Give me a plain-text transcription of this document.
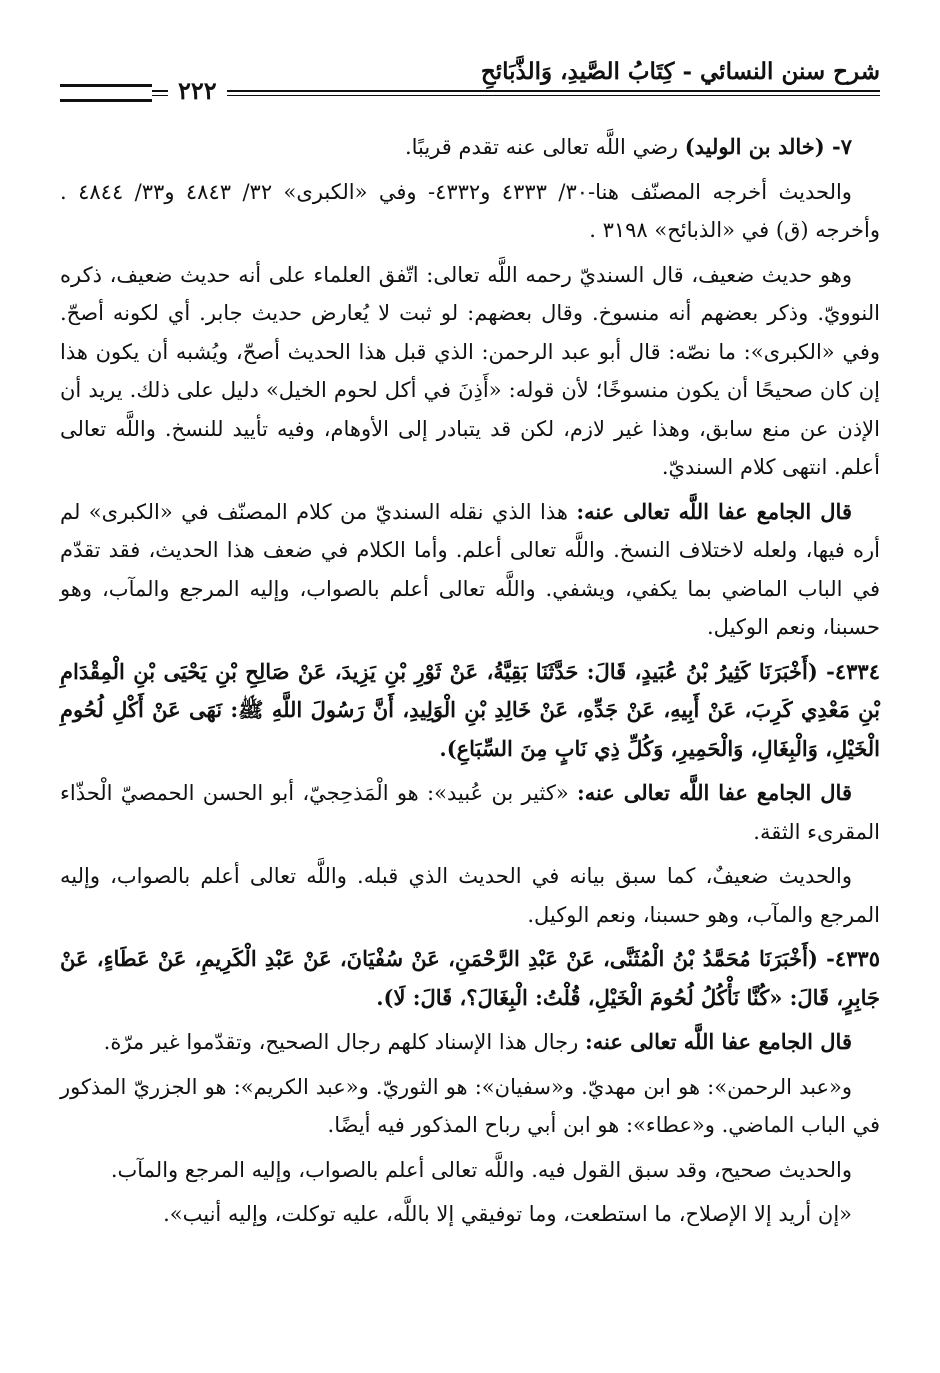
شرح سنن النسائي - كِتَابُ الصَّيدِ، وَالذَّبَائحِ
٢٢٢

٧- (خالد بن الوليد) رضي اللَّه تعالى عنه تقدم قريبًا.

والحديث أخرجه المصنّف هنا-٣٠/ ٤٣٣٣ و٤٣٣٢- وفي «الكبرى» ٣٢/ ٤٨٤٣ و٣٣/ ٤٨٤٤ . وأخرجه (ق) في «الذبائح» ٣١٩٨ .

وهو حديث ضعيف، قال السنديّ رحمه اللَّه تعالى: اتّفق العلماء على أنه حديث ضعيف، ذكره النوويّ. وذكر بعضهم أنه منسوخ. وقال بعضهم: لو ثبت لا يُعارض حديث جابر. أي لكونه أصحّ. وفي «الكبرى»: ما نصّه: قال أبو عبد الرحمن: الذي قبل هذا الحديث أصحّ، ويُشبه أن يكون هذا إن كان صحيحًا أن يكون منسوخًا؛ لأن قوله: «أَذِنَ في أكل لحوم الخيل» دليل على ذلك. يريد أن الإذن عن منع سابق، وهذا غير لازم، لكن قد يتبادر إلى الأوهام، وفيه تأييد للنسخ. واللَّه تعالى أعلم. انتهى كلام السنديّ.

قال الجامع عفا اللَّه تعالى عنه: هذا الذي نقله السنديّ من كلام المصنّف في «الكبرى» لم أره فيها، ولعله لاختلاف النسخ. واللَّه تعالى أعلم. وأما الكلام في ضعف هذا الحديث، فقد تقدّم في الباب الماضي بما يكفي، ويشفي. واللَّه تعالى أعلم بالصواب، وإليه المرجع والمآب، وهو حسبنا، ونعم الوكيل.

٤٣٣٤- (أَخْبَرَنَا كَثِيرُ بْنُ عُبَيدٍ، قَالَ: حَدَّثَنَا بَقِيَّةُ، عَنْ ثَوْرِ بْنِ يَزِيدَ، عَنْ صَالِحِ بْنِ يَحْيَى بْنِ الْمِقْدَامِ بْنِ مَعْدِي كَرِبَ، عَنْ أَبِيهِ، عَنْ جَدِّهِ، عَنْ خَالِدِ بْنِ الْوَلِيدِ، أَنَّ رَسُولَ اللَّهِ ﷺ: نَهَى عَنْ أَكْلِ لُحُومِ الْخَيْلِ، وَالْبِغَالِ، وَالْحَمِيرِ، وَكُلِّ ذِي نَابٍ مِنَ السِّبَاعِ).

قال الجامع عفا اللَّه تعالى عنه: «كثير بن عُبيد»: هو الْمَذحِجيّ، أبو الحسن الحمصيّ الْحذّاء المقرىء الثقة.

والحديث ضعيفٌ، كما سبق بيانه في الحديث الذي قبله. واللَّه تعالى أعلم بالصواب، وإليه المرجع والمآب، وهو حسبنا، ونعم الوكيل.

٤٣٣٥- (أَخْبَرَنَا مُحَمَّدُ بْنُ الْمُثَنَّى، عَنْ عَبْدِ الرَّحْمَنِ، عَنْ سُفْيَانَ، عَنْ عَبْدِ الْكَرِيمِ، عَنْ عَطَاءٍ، عَنْ جَابِرٍ، قَالَ: «كُنَّا نَأْكُلُ لُحُومَ الْخَيْلِ، قُلْتُ: الْبِغَالَ؟، قَالَ: لَا).

قال الجامع عفا اللَّه تعالى عنه: رجال هذا الإسناد كلهم رجال الصحيح، وتقدّموا غير مرّة.

و«عبد الرحمن»: هو ابن مهديّ. و«سفيان»: هو الثوريّ. و«عبد الكريم»: هو الجزريّ المذكور في الباب الماضي. و«عطاء»: هو ابن أبي رباح المذكور فيه أيضًا.

والحديث صحيح، وقد سبق القول فيه. واللَّه تعالى أعلم بالصواب، وإليه المرجع والمآب.

«إن أريد إلا الإصلاح، ما استطعت، وما توفيقي إلا باللَّه، عليه توكلت، وإليه أنيب».
